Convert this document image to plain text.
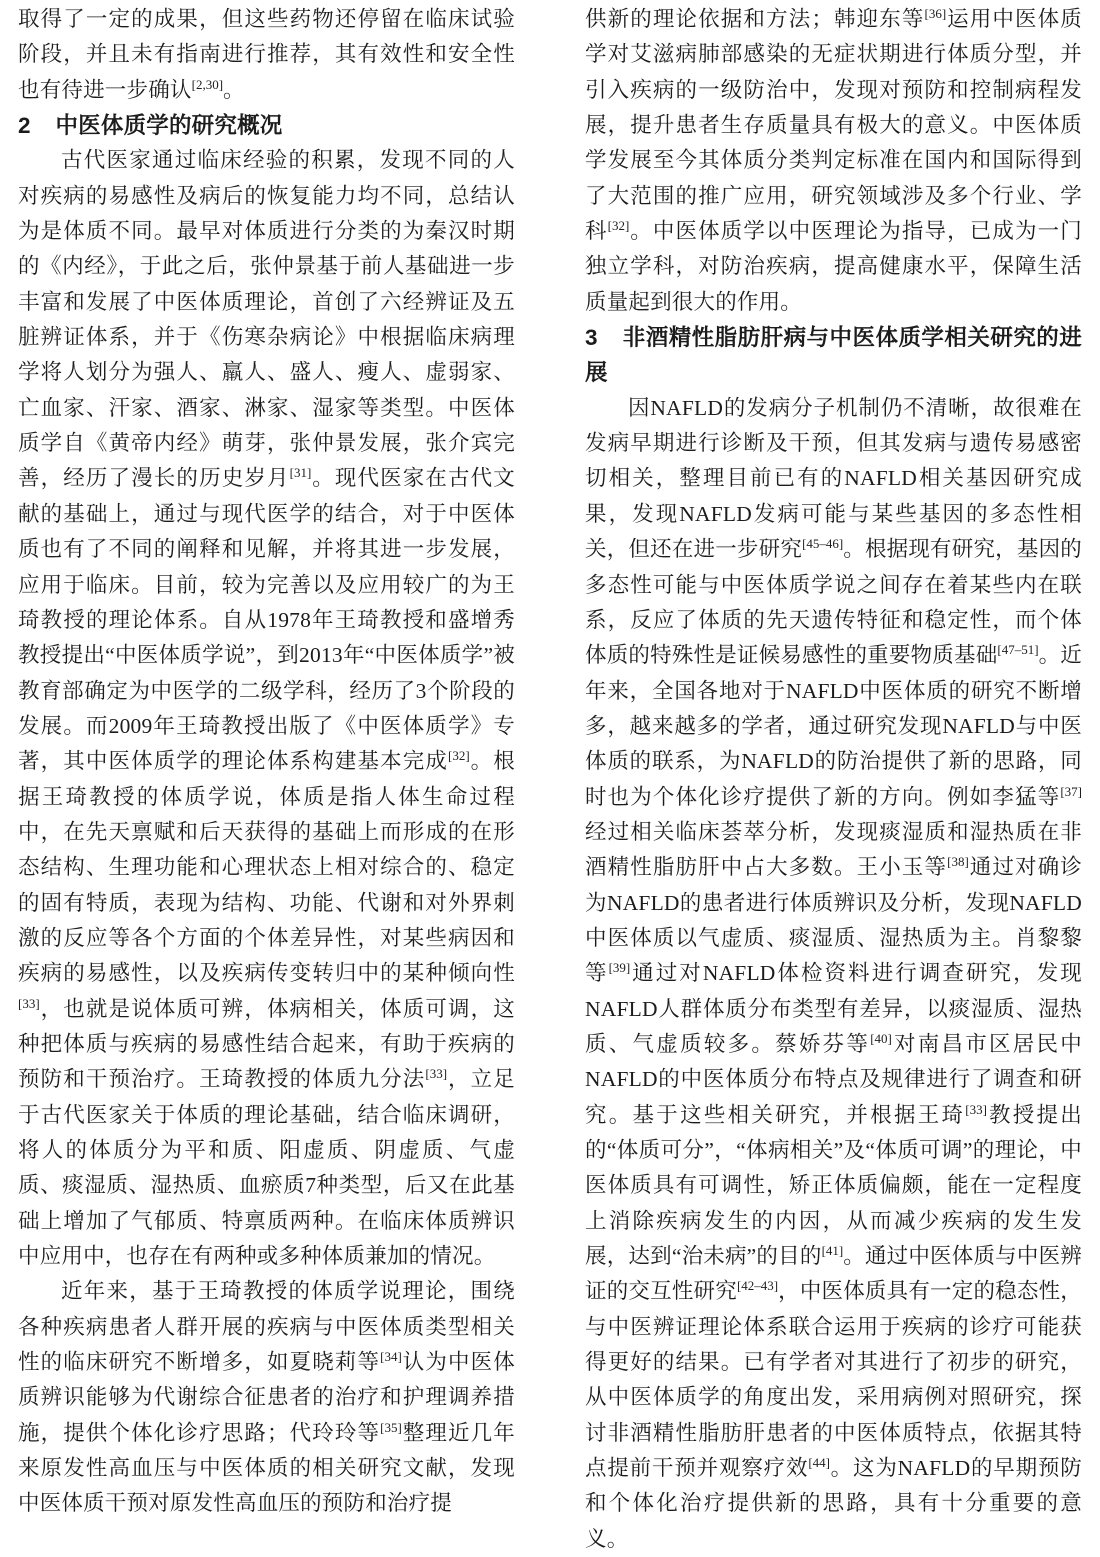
取得了一定的成果，但这些药物还停留在临床试验阶段，并且未有指南进行推荐，其有效性和安全性也有待进一步确认[2,30]。

2 中医体质学的研究概况

古代医家通过临床经验的积累，发现不同的人对疾病的易感性及病后的恢复能力均不同，总结认为是体质不同。最早对体质进行分类的为秦汉时期的《内经》，于此之后，张仲景基于前人基础进一步丰富和发展了中医体质理论，首创了六经辨证及五脏辨证体系，并于《伤寒杂病论》中根据临床病理学将人划分为强人、羸人、盛人、瘦人、虚弱家、亡血家、汗家、酒家、淋家、湿家等类型。中医体质学自《黄帝内经》萌芽，张仲景发展，张介宾完善，经历了漫长的历史岁月[31]。现代医家在古代文献的基础上，通过与现代医学的结合，对于中医体质也有了不同的阐释和见解，并将其进一步发展，应用于临床。目前，较为完善以及应用较广的为王琦教授的理论体系。自从1978年王琦教授和盛增秀教授提出“中医体质学说”，到2013年“中医体质学”被教育部确定为中医学的二级学科，经历了3个阶段的发展。而2009年王琦教授出版了《中医体质学》专著，其中医体质学的理论体系构建基本完成[32]。根据王琦教授的体质学说，体质是指人体生命过程中，在先天禀赋和后天获得的基础上而形成的在形态结构、生理功能和心理状态上相对综合的、稳定的固有特质，表现为结构、功能、代谢和对外界刺激的反应等各个方面的个体差异性，对某些病因和疾病的易感性，以及疾病传变转归中的某种倾向性[33]，也就是说体质可辨，体病相关，体质可调，这种把体质与疾病的易感性结合起来，有助于疾病的预防和干预治疗。王琦教授的体质九分法[33]，立足于古代医家关于体质的理论基础，结合临床调研，将人的体质分为平和质、阳虚质、阴虚质、气虚质、痰湿质、湿热质、血瘀质7种类型，后又在此基础上增加了气郁质、特禀质两种。在临床体质辨识中应用中，也存在有两种或多种体质兼加的情况。

近年来，基于王琦教授的体质学说理论，围绕各种疾病患者人群开展的疾病与中医体质类型相关性的临床研究不断增多，如夏晓莉等[34]认为中医体质辨识能够为代谢综合征患者的治疗和护理调养措施，提供个体化诊疗思路；代玲玲等[35]整理近几年来原发性高血压与中医体质的相关研究文献，发现中医体质干预对原发性高血压的预防和治疗提

供新的理论依据和方法；韩迎东等[36]运用中医体质学对艾滋病肺部感染的无症状期进行体质分型，并引入疾病的一级防治中，发现对预防和控制病程发展，提升患者生存质量具有极大的意义。中医体质学发展至今其体质分类判定标准在国内和国际得到了大范围的推广应用，研究领域涉及多个行业、学科[32]。中医体质学以中医理论为指导，已成为一门独立学科，对防治疾病，提高健康水平，保障生活质量起到很大的作用。

3 非酒精性脂肪肝病与中医体质学相关研究的进展

因NAFLD的发病分子机制仍不清晰，故很难在发病早期进行诊断及干预，但其发病与遗传易感密切相关，整理目前已有的NAFLD相关基因研究成果，发现NAFLD发病可能与某些基因的多态性相关，但还在进一步研究[45–46]。根据现有研究，基因的多态性可能与中医体质学说之间存在着某些内在联系，反应了体质的先天遗传特征和稳定性，而个体体质的特殊性是证候易感性的重要物质基础[47–51]。近年来，全国各地对于NAFLD中医体质的研究不断增多，越来越多的学者，通过研究发现NAFLD与中医体质的联系，为NAFLD的防治提供了新的思路，同时也为个体化诊疗提供了新的方向。例如李猛等[37]经过相关临床荟萃分析，发现痰湿质和湿热质在非酒精性脂肪肝中占大多数。王小玉等[38]通过对确诊为NAFLD的患者进行体质辨识及分析，发现NAFLD中医体质以气虚质、痰湿质、湿热质为主。肖黎黎等[39]通过对NAFLD体检资料进行调查研究，发现NAFLD人群体质分布类型有差异，以痰湿质、湿热质、气虚质较多。蔡娇芬等[40]对南昌市区居民中NAFLD的中医体质分布特点及规律进行了调查和研究。基于这些相关研究，并根据王琦[33]教授提出的“体质可分”，“体病相关”及“体质可调”的理论，中医体质具有可调性，矫正体质偏颇，能在一定程度上消除疾病发生的内因，从而减少疾病的发生发展，达到“治未病”的目的[41]。通过中医体质与中医辨证的交互性研究[42–43]，中医体质具有一定的稳态性，与中医辨证理论体系联合运用于疾病的诊疗可能获得更好的结果。已有学者对其进行了初步的研究，从中医体质学的角度出发，采用病例对照研究，探讨非酒精性脂肪肝患者的中医体质特点，依据其特点提前干预并观察疗效[44]。这为NAFLD的早期预防和个体化治疗提供新的思路，具有十分重要的意义。
